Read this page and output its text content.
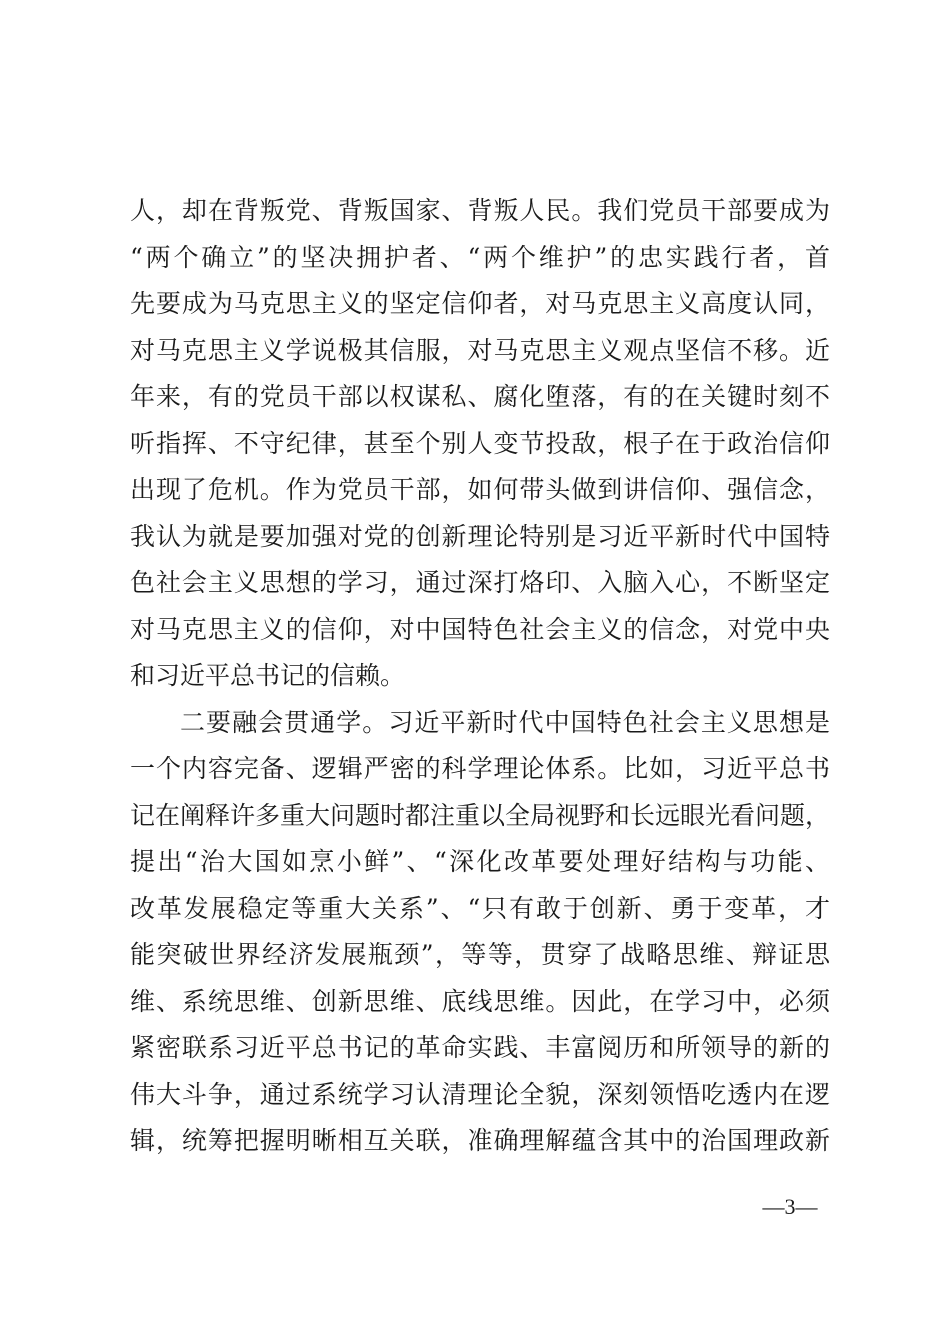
人，却在背叛党、背叛国家、背叛人民。我们党员干部要成为
“两个确立”的坚决拥护者、“两个维护”的忠实践行者，首
先要成为马克思主义的坚定信仰者，对马克思主义高度认同，
对马克思主义学说极其信服，对马克思主义观点坚信不移。近
年来，有的党员干部以权谋私、腐化堕落，有的在关键时刻不
听指挥、不守纪律，甚至个别人变节投敌，根子在于政治信仰
出现了危机。作为党员干部，如何带头做到讲信仰、强信念，
我认为就是要加强对党的创新理论特别是习近平新时代中国特
色社会主义思想的学习，通过深打烙印、入脑入心，不断坚定
对马克思主义的信仰，对中国特色社会主义的信念，对党中央
和习近平总书记的信赖。
二要融会贯通学。习近平新时代中国特色社会主义思想是
一个内容完备、逻辑严密的科学理论体系。比如，习近平总书
记在阐释许多重大问题时都注重以全局视野和长远眼光看问题，
提出“治大国如烹小鲜”、“深化改革要处理好结构与功能、
改革发展稳定等重大关系”、“只有敢于创新、勇于变革，才
能突破世界经济发展瓶颈”，等等，贯穿了战略思维、辩证思
维、系统思维、创新思维、底线思维。因此，在学习中，必须
紧密联系习近平总书记的革命实践、丰富阅历和所领导的新的
伟大斗争，通过系统学习认清理论全貌，深刻领悟吃透内在逻
辑，统筹把握明晰相互关联，准确理解蕴含其中的治国理政新
—3—
